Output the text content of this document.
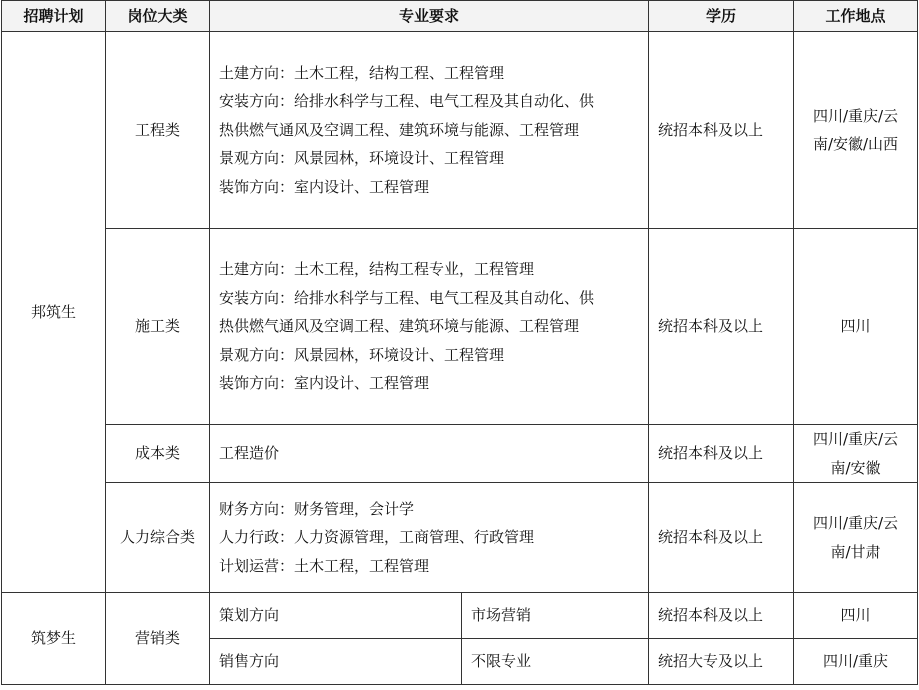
招聘计划	岗位大类	专业要求		学历	工作地点
邦筑生	工程类	土建方向：土木工程，结构工程、工程管理
安装方向：给排水科学与工程、电气工程及其自动化、供
热供燃气通风及空调工程、建筑环境与能源、工程管理
景观方向：风景园林，环境设计、工程管理
装饰方向：室内设计、工程管理		统招本科及以上	四川/重庆/云
南/安徽/山西

	施工类	土建方向：土木工程，结构工程专业，工程管理
安装方向：给排水科学与工程、电气工程及其自动化、供
热供燃气通风及空调工程、建筑环境与能源、工程管理
景观方向：风景园林，环境设计、工程管理
装饰方向：室内设计、工程管理		统招本科及以上	四川

	成本类	工程造价		统招本科及以上	四川/重庆/云
南/安徽

	人力综合类	财务方向：财务管理，会计学
人力行政：人力资源管理，工商管理、行政管理
计划运营：土木工程，工程管理		统招本科及以上	四川/重庆/云
南/甘肃

筑梦生	营销类	策划方向	市场营销	统招本科及以上	四川
		销售方向	不限专业	统招大专及以上	四川/重庆
